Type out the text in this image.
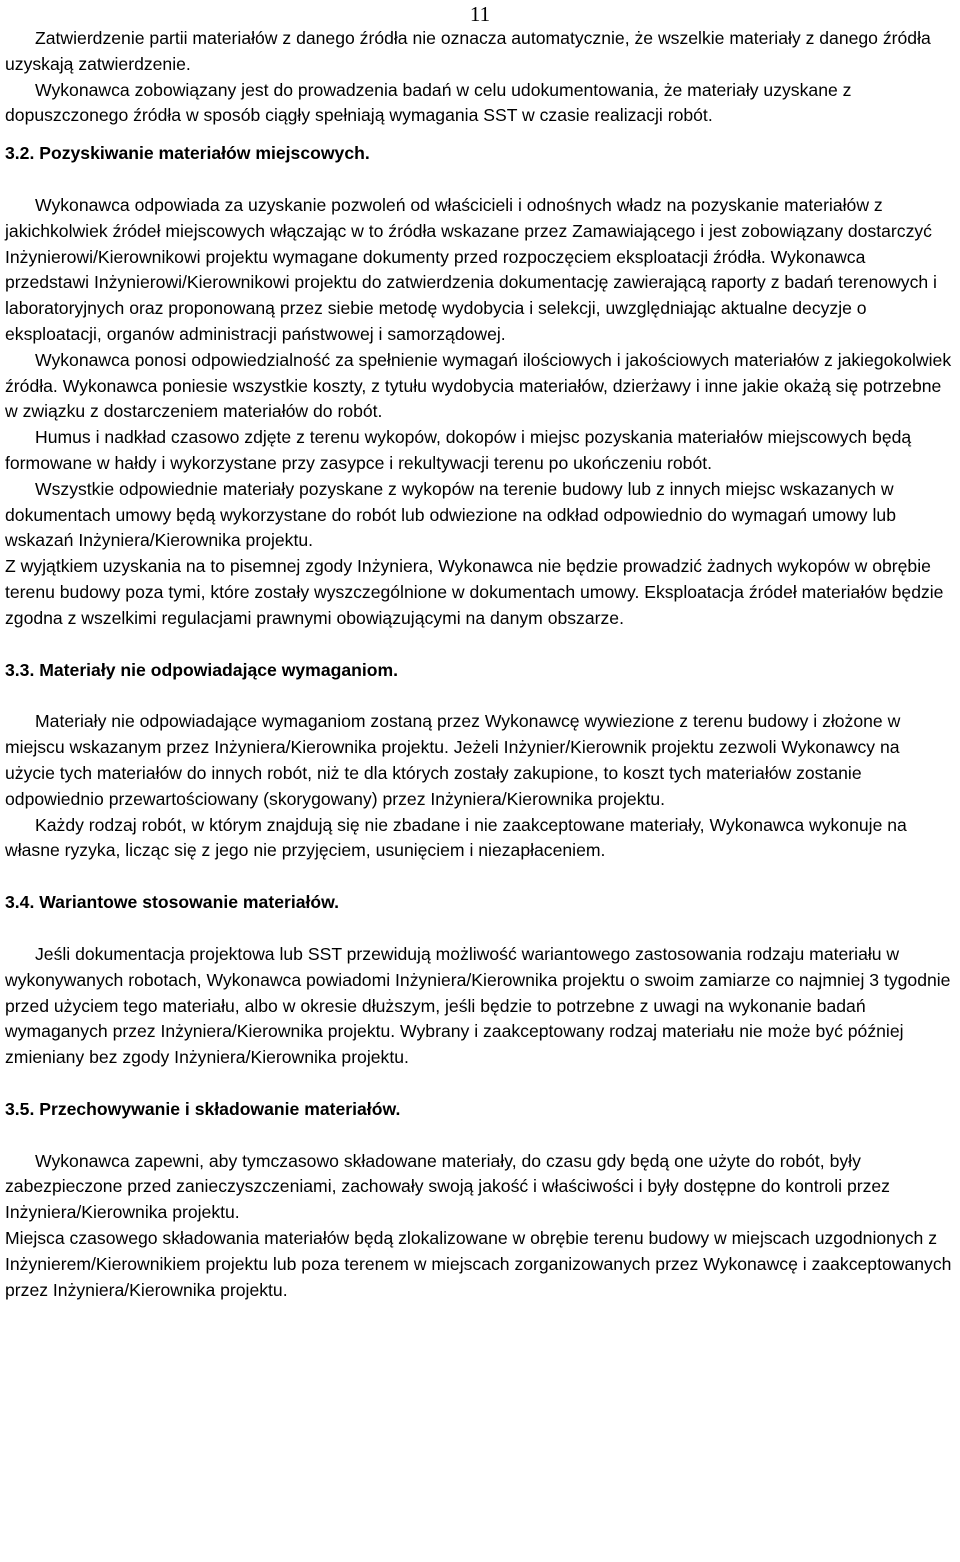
11

Zatwierdzenie partii materiałów z danego źródła nie oznacza automatycznie, że wszelkie materiały z danego źródła uzyskają zatwierdzenie.

Wykonawca zobowiązany jest do prowadzenia badań w celu udokumentowania, że materiały uzyskane z dopuszczonego źródła w sposób ciągły spełniają wymagania SST w czasie realizacji robót.

3.2. Pozyskiwanie materiałów miejscowych.

Wykonawca odpowiada za uzyskanie pozwoleń od właścicieli i odnośnych władz na pozyskanie materiałów z jakichkolwiek źródeł miejscowych włączając w to źródła wskazane przez Zamawiającego i jest zobowiązany dostarczyć Inżynierowi/Kierownikowi projektu wymagane dokumenty przed rozpoczęciem eksploatacji źródła. Wykonawca przedstawi Inżynierowi/Kierownikowi projektu do zatwierdzenia dokumentację zawierającą raporty z badań terenowych i laboratoryjnych oraz proponowaną przez siebie metodę wydobycia i selekcji, uwzględniając aktualne decyzje o eksploatacji, organów administracji państwowej i samorządowej.

Wykonawca ponosi odpowiedzialność za spełnienie wymagań ilościowych i jakościowych materiałów z jakiegokolwiek źródła. Wykonawca poniesie wszystkie koszty, z tytułu wydobycia materiałów, dzierżawy i inne jakie okażą się potrzebne w związku z dostarczeniem materiałów do robót.

Humus i nadkład czasowo zdjęte z terenu wykopów, dokopów i miejsc pozyskania materiałów miejscowych będą formowane w hałdy i wykorzystane przy zasypce i rekultywacji terenu po ukończeniu robót.

Wszystkie odpowiednie materiały pozyskane z wykopów na terenie budowy lub z innych miejsc wskazanych w dokumentach umowy będą wykorzystane do robót lub odwiezione na odkład odpowiednio do wymagań umowy lub wskazań Inżyniera/Kierownika projektu.

Z wyjątkiem uzyskania na to pisemnej zgody Inżyniera, Wykonawca nie będzie prowadzić żadnych wykopów w obrębie terenu budowy poza tymi, które zostały wyszczególnione w dokumentach umowy. Eksploatacja źródeł materiałów będzie zgodna z wszelkimi regulacjami prawnymi obowiązującymi na danym obszarze.

3.3. Materiały nie odpowiadające wymaganiom.

Materiały nie odpowiadające wymaganiom zostaną przez Wykonawcę wywiezione z terenu budowy i złożone w miejscu wskazanym przez Inżyniera/Kierownika projektu. Jeżeli Inżynier/Kierownik projektu zezwoli Wykonawcy na użycie tych materiałów do innych robót, niż te dla których zostały zakupione, to koszt tych materiałów zostanie odpowiednio przewartościowany (skorygowany) przez Inżyniera/Kierownika projektu.

Każdy rodzaj robót, w którym znajdują się nie zbadane i nie zaakceptowane materiały, Wykonawca wykonuje na własne ryzyka, licząc się z jego nie przyjęciem, usunięciem i niezapłaceniem.

3.4. Wariantowe stosowanie materiałów.

Jeśli dokumentacja projektowa lub SST przewidują możliwość wariantowego zastosowania rodzaju materiału w wykonywanych robotach, Wykonawca powiadomi Inżyniera/Kierownika projektu o swoim zamiarze co najmniej 3 tygodnie przed użyciem tego materiału, albo w okresie dłuższym, jeśli będzie to potrzebne z uwagi na wykonanie badań wymaganych przez Inżyniera/Kierownika projektu. Wybrany i zaakceptowany rodzaj materiału nie może być później zmieniany bez zgody Inżyniera/Kierownika projektu.

3.5. Przechowywanie i składowanie materiałów.

Wykonawca zapewni, aby tymczasowo składowane materiały, do czasu gdy będą one użyte do robót, były zabezpieczone przed zanieczyszczeniami, zachowały swoją jakość i właściwości i były dostępne do kontroli przez Inżyniera/Kierownika projektu.

Miejsca czasowego składowania materiałów będą zlokalizowane w obrębie terenu budowy w miejscach uzgodnionych z Inżynierem/Kierownikiem projektu lub poza terenem w miejscach zorganizowanych przez Wykonawcę i zaakceptowanych przez Inżyniera/Kierownika projektu.
